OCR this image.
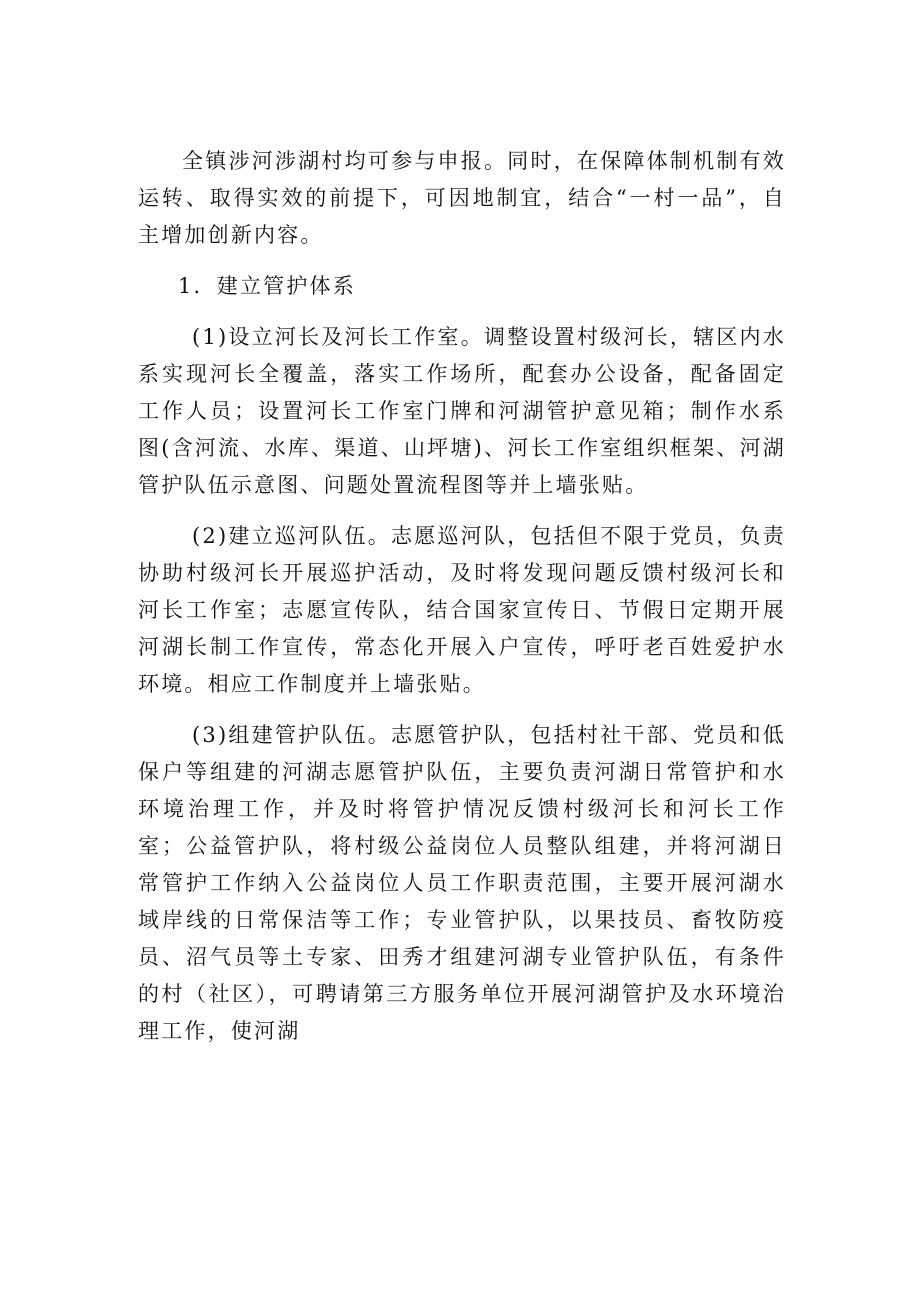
全镇涉河涉湖村均可参与申报。同时，在保障体制机制有效运转、取得实效的前提下，可因地制宜，结合“一村一品”，自主增加创新内容。

1．建立管护体系

(1)设立河长及河长工作室。调整设置村级河长，辖区内水系实现河长全覆盖，落实工作场所，配套办公设备，配备固定工作人员；设置河长工作室门牌和河湖管护意见箱；制作水系图(含河流、水库、渠道、山坪塘)、河长工作室组织框架、河湖管护队伍示意图、问题处置流程图等并上墙张贴。

(2)建立巡河队伍。志愿巡河队，包括但不限于党员，负责协助村级河长开展巡护活动，及时将发现问题反馈村级河长和河长工作室；志愿宣传队，结合国家宣传日、节假日定期开展河湖长制工作宣传，常态化开展入户宣传，呼吁老百姓爱护水环境。相应工作制度并上墙张贴。

(3)组建管护队伍。志愿管护队，包括村社干部、党员和低保户等组建的河湖志愿管护队伍，主要负责河湖日常管护和水环境治理工作，并及时将管护情况反馈村级河长和河长工作室；公益管护队，将村级公益岗位人员整队组建，并将河湖日常管护工作纳入公益岗位人员工作职责范围，主要开展河湖水域岸线的日常保洁等工作；专业管护队，以果技员、畜牧防疫员、沼气员等土专家、田秀才组建河湖专业管护队伍，有条件的村（社区），可聘请第三方服务单位开展河湖管护及水环境治理工作，使河湖
